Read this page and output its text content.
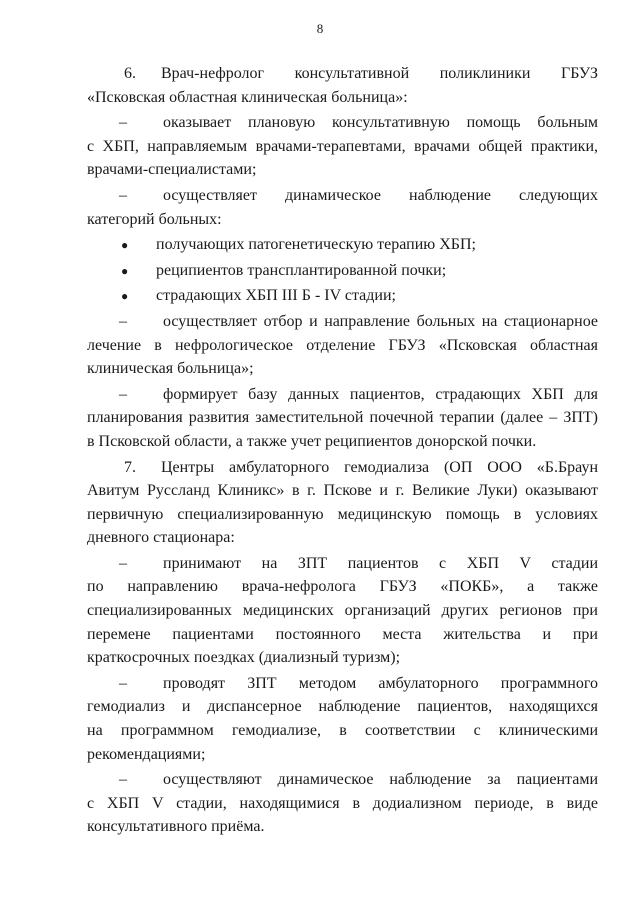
8
6. Врач-нефролог консультативной поликлиники ГБУЗ
«Псковская областная клиническая больница»:
– оказывает плановую консультативную помощь больным
с ХБП, направляемым врачами-терапевтами, врачами общей практики,
врачами-специалистами;
– осуществляет динамическое наблюдение следующих
категорий больных:
● получающих патогенетическую терапию ХБП;
● реципиентов трансплантированной почки;
● страдающих ХБП III Б - IV стадии;
– осуществляет отбор и направление больных на стационарное
лечение в нефрологическое отделение ГБУЗ «Псковская областная
клиническая больница»;
– формирует базу данных пациентов, страдающих ХБП для
планирования развития заместительной почечной терапии (далее – ЗПТ)
в Псковской области, а также учет реципиентов донорской почки.
7. Центры амбулаторного гемодиализа (ОП ООО «Б.Браун
Авитум Руссланд Клиникс» в г. Пскове и г. Великие Луки) оказывают
первичную специализированную медицинскую помощь в условиях
дневного стационара:
– принимают на ЗПТ пациентов с ХБП V стадии
по направлению врача-нефролога ГБУЗ «ПОКБ», а также
специализированных медицинских организаций других регионов при
перемене пациентами постоянного места жительства и при
краткосрочных поездках (диализный туризм);
– проводят ЗПТ методом амбулаторного программного
гемодиализ и диспансерное наблюдение пациентов, находящихся
на программном гемодиализе, в соответствии с клиническими
рекомендациями;
– осуществляют динамическое наблюдение за пациентами
с ХБП V стадии, находящимися в додиализном периоде, в виде
консультативного приёма.
